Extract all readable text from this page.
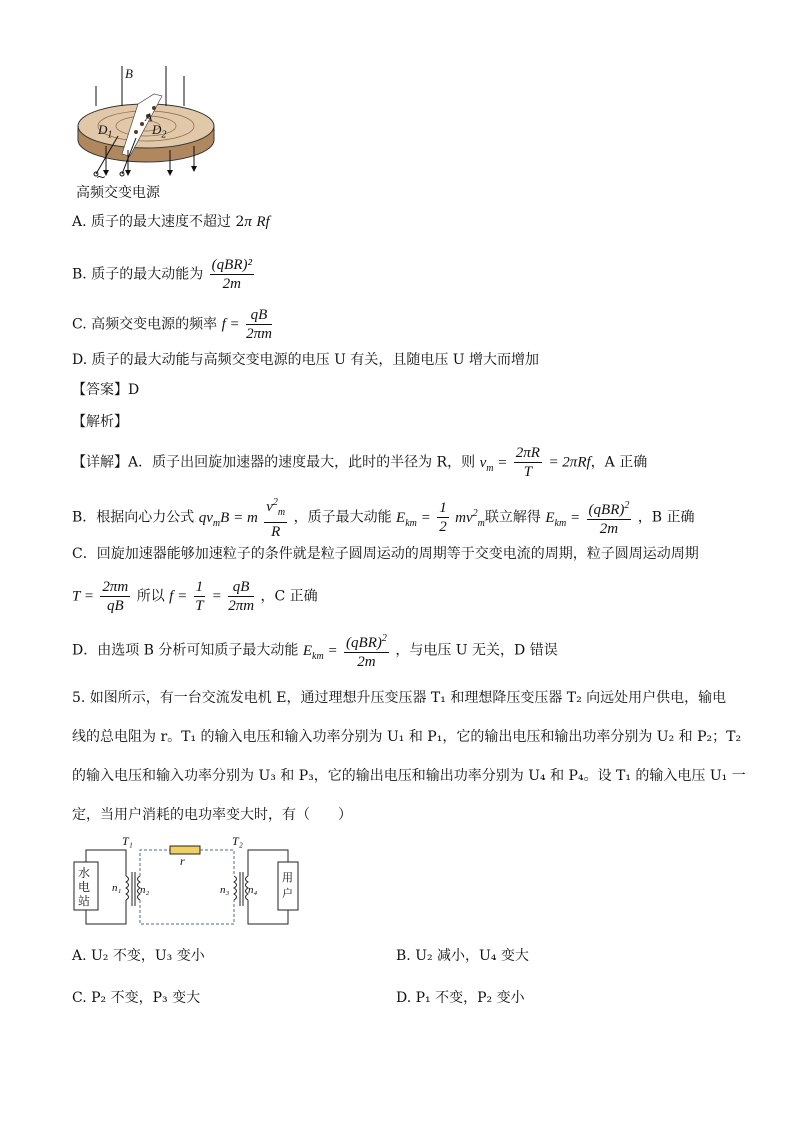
B
$D_1$	$D_2$
A
~
高频交变电源
A. 质子的最大速度不超过 2π Rf
B. 质子的最大动能为 $\frac{\text{(qBR)²}}{2m}$
C. 高频交变电源的频率 $f = \frac{qB}{2\pi m}$
D. 质子的最大动能与高频交变电源的电压 U 有关，且随电压 U 增大而增加
【答案】D
【解析】
【详解】A．质子出回旋加速器的速度最大，此时的半径为 R，则 $v_m = \frac{2\pi R}{T} = 2\pi Rf$，A 正确
B．根据向心力公式 $qv_mB = m \frac{v^2_m}{R}$ ，质子最大动能 $E_{km} = \frac{1}{2} mv^2_m$联立解得 $E_{km} = \frac{(qBR)^2}{2m}$ ，B 正确
C．回旋加速器能够加速粒子的条件就是粒子圆周运动的周期等于交变电流的周期，粒子圆周运动周期
$T = \frac{2\pi m}{qB}$ 所以 $f = \frac{1}{T} = \frac{qB}{2\pi m}$ ，C 正确
D．由选项 B 分析可知质子最大动能 $E_{km} = \frac{(qBR)^2}{2m}$ ，与电压 U 无关，D 错误
5. 如图所示，有一台交流发电机 E，通过理想升压变压器 T₁ 和理想降压变压器 T₂ 向远处用户供电，输电
线的总电阻为 r。T₁ 的输入电压和输入功率分别为 U₁ 和 P₁，它的输出电压和输出功率分别为 U₂ 和 P₂；T₂
的输入电压和输入功率分别为 U₃ 和 P₃，它的输出电压和输出功率分别为 U₄ 和 P₄。设 T₁ 的输入电压 U₁ 一
定，当用户消耗的电功率变大时，有（　　）
水电站
用户
T₁	T₂
r
n₁ n₂	n₃ n₄
A. U₂ 不变，U₃ 变小	B. U₂ 减小，U₄ 变大
C. P₂ 不变，P₃ 变大	D. P₁ 不变，P₂ 变小
